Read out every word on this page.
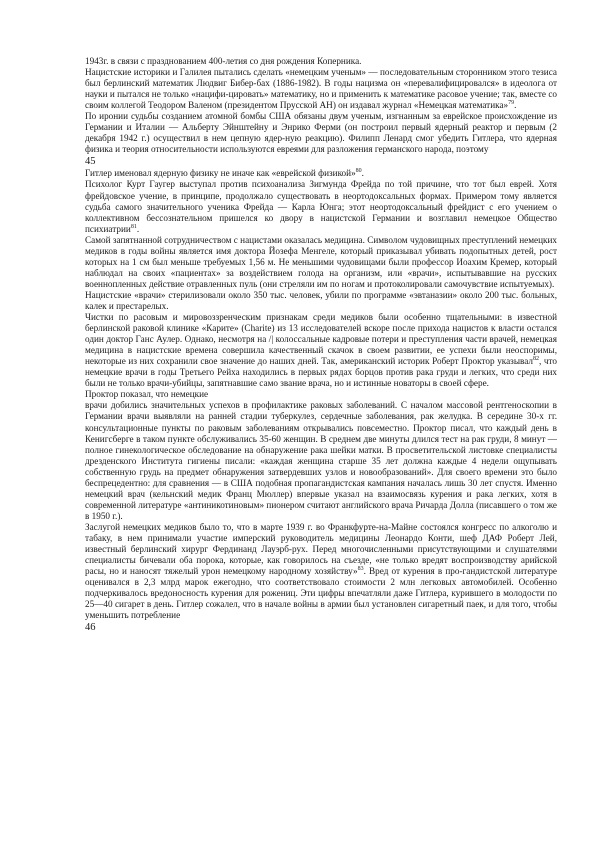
1943г. в связи с празднованием 400-летия со дня рождения Коперника.

Нацистские историки и Галилея пытались сделать «немецким ученым» — последовательным сторонником этого тезиса был берлинский математик Людвиг Бибер-бах (1886-1982). В годы нацизма он «перевалифицировался» в идеолога от науки и пытался не только «нацифи-цировать» математику, но и применить к математике расовое учение; так, вместе со своим коллегой Теодором Валеном (президентом Прусской АН) он издавал журнал «Немецкая математика»$^{79}$.

По иронии судьбы созданием атомной бомбы США обязаны двум ученым, изгнанным за еврейское происхождение из Германии и Италии — Альберту Эйнштейну и Энрико Ферми (он построил первый ядерный реактор и первым (2 декабря 1942 г.) осуществил в нем цепную ядер-ную реакцию). Филипп Ленард смог убедить Гитлера, что ядерная физика и теория относительности используются евреями для разложения германского народа, поэтому

45

Гитлер именовал ядерную физику не иначе как «еврейской физикой»$^{80}$.

Психолог Курт Гаугер выступал против психоанализа Зигмунда Фрейда по той причине, что тот был еврей. Хотя фрейдовское учение, в принципе, продолжало существовать в неортодоксальных формах. Примером тому является судьба самого значительного ученика Фрейда — Карла Юнга; этот неортодоксальный фрейдист с его учением о коллективном бессознательном пришелся ко двору в нацистской Германии и возглавил немецкое Общество психиатрии$^{81}$.

Самой запятнанной сотрудничеством с нацистами оказалась медицина. Символом чудовищных преступлений немецких медиков в годы войны является имя доктора Йозефа Менгеле, который приказывал убивать подопытных детей, рост которых на 1 см был меньше требуемых 1,56 м. Не меньшими чудовищами были профессор Иоахим Кремер, который наблюдал на своих «пациентах» за воздействием голода на организм, или «врачи», испытывавшие на русских военнопленных действие отравленных пуль (они стреляли им по ногам и протоколировали самочувствие испытуемых).

Нацистские «врачи» стерилизовали около 350 тыс. человек, убили по программе «эвтаназии» около 200 тыс. больных, калек и престарелых.

Чистки по расовым и мировоззренческим признакам среди медиков были особенно тщательными: в известной берлинской раковой клинике «Карите» (Charite) из 13 исследователей вскоре после прихода нацистов к власти остался один доктор Ганс Аулер. Однако, несмотря на /| колоссальные кадровые потери и преступления части врачей, немецкая медицина в нацистские времена совершила качественный скачок в своем развитии, ее успехи были неоспоримы, некоторые из них сохранили свое значение до наших дней. Так, американский историк Роберт Проктор указывал$^{82}$, что немецкие врачи в годы Третьего Рейха находились в первых рядах борцов против рака груди и легких, что среди них были не только врачи-убийцы, запятнавшие само звание врача, но и истинные новаторы в своей сфере.

Проктор показал, что немецкие

врачи добились значительных успехов в профилактике раковых заболеваний. С началом массовой рентгеноскопии в Германии врачи выявляли на ранней стадии туберкулез, сердечные заболевания, рак желудка. В середине 30-х гг. консультационные пункты по раковым заболеваниям открывались повсеместно. Проктор писал, что каждый день в Кенигсберге в таком пункте обслуживались 35-60 женщин. В среднем две минуты длился тест на рак груди, 8 минут — полное гинекологическое обследование на обнаружение рака шейки матки. В просветительской листовке специалисты дрезденского Института гигиены писали: «каждая женщина старше 35 лет должна каждые 4 недели ощупывать собственную грудь на предмет обнаружения затвердевших узлов и новообразований». Для своего времени это было беспрецедентно: для сравнения — в США подобная пропагандистская кампания началась лишь 30 лет спустя. Именно немецкий врач (кельнский медик Франц Мюллер) впервые указал на взаимосвязь курения и рака легких, хотя в современной литературе «антиникотиновым» пионером считают английского врача Ричарда Долла (писавшего о том же в 1950 г.).

Заслугой немецких медиков было то, что в марте 1939 г. во Франкфурте-на-Майне состоялся конгресс по алкоголю и табаку, в нем принимали участие имперский руководитель медицины Леонардо Конти, шеф ДАФ Роберт Лей, известный берлинский хирург Фердинанд Лауэрб-рух. Перед многочисленными присутствующими и слушателями специалисты бичевали оба порока, которые, как говорилось на съезде, «не только вредят воспроизводству арийской расы, но и наносят тяжелый урон немецкому народному хозяйству»$^{83}$. Вред от курения в про-гандистской литературе оценивался в 2,3 млрд марок ежегодно, что соответствовало стоимости 2 млн легковых автомобилей. Особенно подчеркивалось вредоносность курения для рожениц. Эти цифры впечатляли даже Гитлера, курившего в молодости по 25—40 сигарет в день. Гитлер сожалел, что в начале войны в армии был установлен сигаретный паек, и для того, чтобы уменьшить потребление

46
